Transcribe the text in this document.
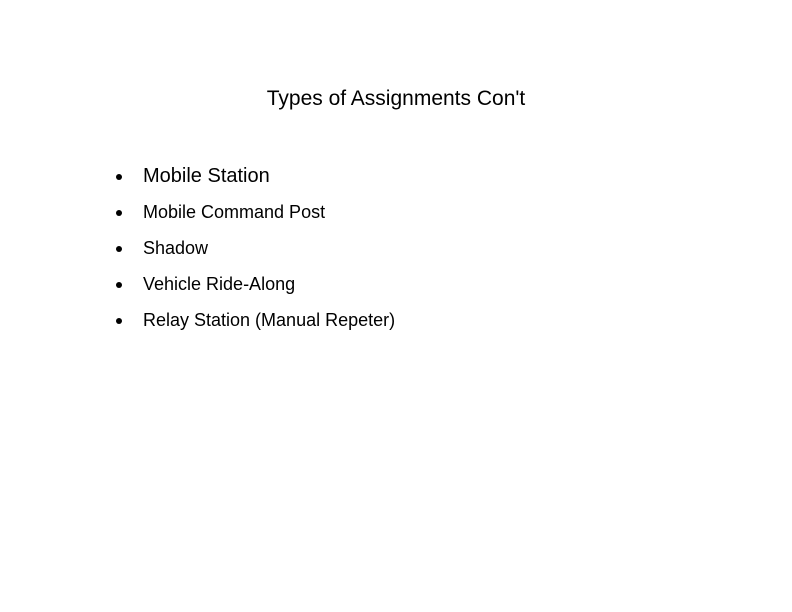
Types of Assignments Con't
Mobile Station
Mobile Command Post
Shadow
Vehicle Ride-Along
Relay Station (Manual Repeter)
